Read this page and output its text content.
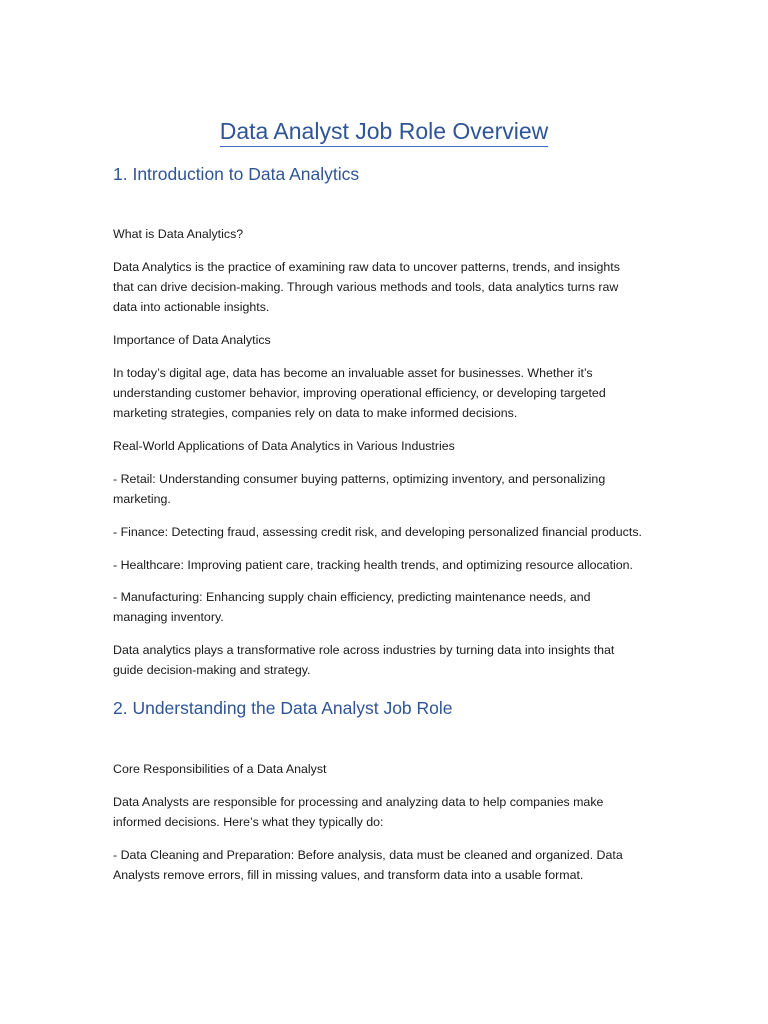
Data Analyst Job Role Overview
1. Introduction to Data Analytics

What is Data Analytics?

Data Analytics is the practice of examining raw data to uncover patterns, trends, and insights

that can drive decision-making. Through various methods and tools, data analytics turns raw

data into actionable insights.

Importance of Data Analytics

In today’s digital age, data has become an invaluable asset for businesses. Whether it’s

understanding customer behavior, improving operational efficiency, or developing targeted

marketing strategies, companies rely on data to make informed decisions.

Real-World Applications of Data Analytics in Various Industries

- Retail: Understanding consumer buying patterns, optimizing inventory, and personalizing

marketing.

- Finance: Detecting fraud, assessing credit risk, and developing personalized financial products.

- Healthcare: Improving patient care, tracking health trends, and optimizing resource allocation.

- Manufacturing: Enhancing supply chain efficiency, predicting maintenance needs, and

managing inventory.

Data analytics plays a transformative role across industries by turning data into insights that

guide decision-making and strategy.

2. Understanding the Data Analyst Job Role

Core Responsibilities of a Data Analyst

Data Analysts are responsible for processing and analyzing data to help companies make

informed decisions. Here’s what they typically do:

- Data Cleaning and Preparation: Before analysis, data must be cleaned and organized. Data

Analysts remove errors, fill in missing values, and transform data into a usable format.
